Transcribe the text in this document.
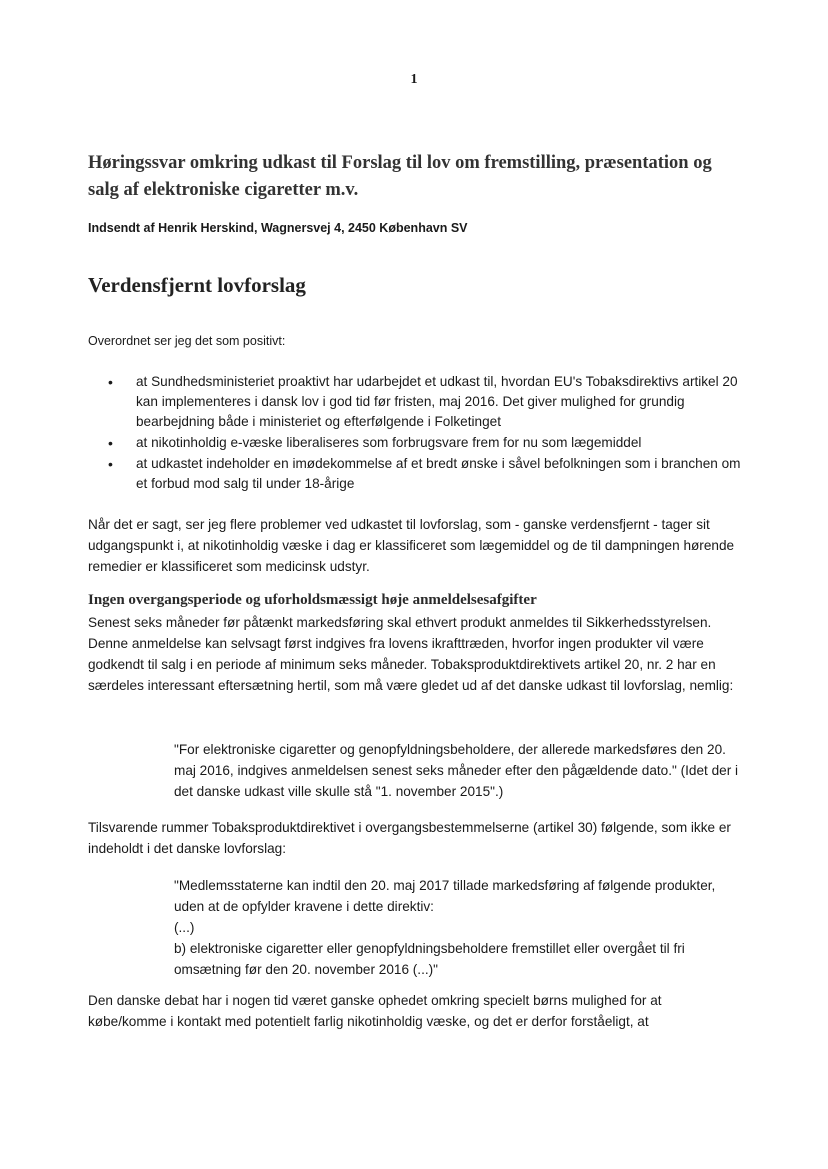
1
Høringssvar omkring udkast til Forslag til lov om fremstilling, præsentation og salg af elektroniske cigaretter m.v.
Indsendt af Henrik Herskind, Wagnersvej 4, 2450 København SV
Verdensfjernt lovforslag
Overordnet ser jeg det som positivt:
• at Sundhedsministeriet proaktivt har udarbejdet et udkast til, hvordan EU's Tobaksdirektivs artikel 20 kan implementeres i dansk lov i god tid før fristen, maj 2016. Det giver mulighed for grundig bearbejdning både i ministeriet og efterfølgende i Folketinget
• at nikotinholdig e-væske liberaliseres som forbrugsvare frem for nu som lægemiddel
• at udkastet indeholder en imødekommelse af et bredt ønske i såvel befolkningen som i branchen om et forbud mod salg til under 18-årige

Når det er sagt, ser jeg flere problemer ved udkastet til lovforslag, som - ganske verdensfjernt - tager sit udgangspunkt i, at nikotinholdig væske i dag er klassificeret som lægemiddel og de til dampningen hørende remedier er klassificeret som medicinsk udstyr.

Ingen overgangsperiode og uforholdsmæssigt høje anmeldelsesafgifter

Senest seks måneder før påtænkt markedsføring skal ethvert produkt anmeldes til Sikkerhedsstyrelsen. Denne anmeldelse kan selvsagt først indgives fra lovens ikrafttræden, hvorfor ingen produkter vil være godkendt til salg i en periode af minimum seks måneder. Tobaksproduktdirektivets artikel 20, nr. 2 har en særdeles interessant eftersætning hertil, som må være gledet ud af det danske udkast til lovforslag, nemlig:

"For elektroniske cigaretter og genopfyldningsbeholdere, der allerede markedsføres den 20. maj 2016, indgives anmeldelsen senest seks måneder efter den pågældende dato." (Idet der i det danske udkast ville skulle stå "1. november 2015".)

Tilsvarende rummer Tobaksproduktdirektivet i overgangsbestemmelserne (artikel 30) følgende, som ikke er indeholdt i det danske lovforslag:

"Medlemsstaterne kan indtil den 20. maj 2017 tillade markedsføring af følgende produkter, uden at de opfylder kravene i dette direktiv:
(...)
b) elektroniske cigaretter eller genopfyldningsbeholdere fremstillet eller overgået til fri omsætning før den 20. november 2016 (...)"

Den danske debat har i nogen tid været ganske ophedet omkring specielt børns mulighed for at købe/komme i kontakt med potentielt farlig nikotinholdig væske, og det er derfor forståeligt, at
